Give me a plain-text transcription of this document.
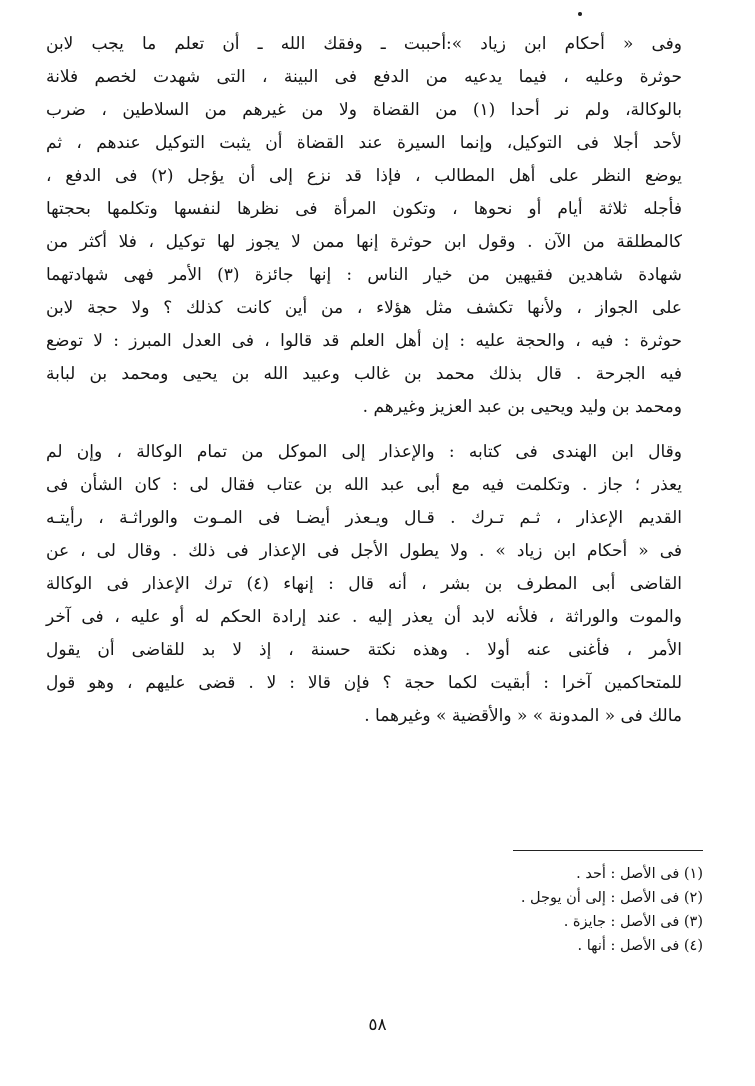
وفى « أحكام ابن زياد »:أحببت ـ وفقك الله ـ أن تعلم ما يجب لابن
حوثرة وعليه ، فيما يدعيه من الدفع فى البينة ، التى شهدت لخصم فلانة
بالوكالة، ولم نر أحدا (١) من القضاة ولا من غيرهم من السلاطين ، ضرب
لأحد أجلا فى التوكيل، وإنما السيرة عند القضاة أن يثبت التوكيل عندهم ، ثم
يوضع النظر على أهل المطالب ، فإذا قد نزع إلى أن يؤجل (٢) فى الدفع ،
فأجله ثلاثة أيام أو نحوها ، وتكون المرأة فى نظرها لنفسها وتكلمها بحجتها
كالمطلقة من الآن . وقول ابن حوثرة إنها ممن لا يجوز لها توكيل ، فلا أكثر من
شهادة شاهدين فقيهين من خيار الناس : إنها جائزة (٣) الأمر فهى شهادتهما
على الجواز ، ولأنها تكشف مثل هؤلاء ، من أين كانت كذلك ؟ ولا حجة لابن
حوثرة : فيه ، والحجة عليه : إن أهل العلم قد قالوا ، فى العدل المبرز : لا توضع
فيه الجرحة . قال بذلك محمد بن غالب وعبيد الله بن يحيى ومحمد بن لبابة
ومحمد بن وليد ويحيى بن عبد العزيز وغيرهم .

وقال ابن الهندى فى كتابه : والإعذار إلى الموكل من تمام الوكالة ، وإن لم
يعذر ؛ جاز . وتكلمت فيه مع أبى عبد الله بن عتاب فقال لى : كان الشأن فى
القديم الإعذار ، ثـم تـرك . قـال ويـعذر أيضـا فى المـوت والوراثـة ، رأيتـه
فى « أحكام ابن زياد » . ولا يطول الأجل فى الإعذار فى ذلك . وقال لى ، عن
القاضى أبى المطرف بن بشر ، أنه قال : إنهاء (٤) ترك الإعذار فى الوكالة
والموت والوراثة ، فلأنه لابد أن يعذر إليه . عند إرادة الحكم له أو عليه ، فى آخر
الأمر ، فأغنى عنه أولا . وهذه نكتة حسنة ، إذ لا بد للقاضى أن يقول
للمتحاكمين آخرا : أبقيت لكما حجة ؟ فإن قالا : لا . قضى عليهم ، وهو قول
مالك فى « المدونة » « والأقضية » وغيرهما .

(١) فى الأصل : أحد .
(٢) فى الأصل : إلى أن يوجل .
(٣) فى الأصل : جايزة .
(٤) فى الأصل : أنها .
٥٨
